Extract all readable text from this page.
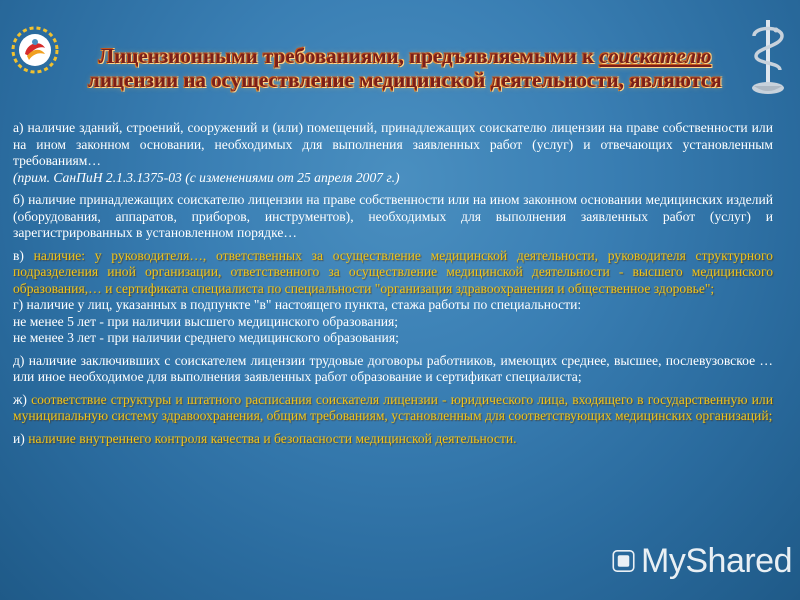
Лицензионными требованиями, предъявляемыми к соискателю
лицензии на осуществление медицинской деятельности, являются

а) наличие зданий, строений, сооружений и (или) помещений, принадлежащих соискателю лицензии на праве собственности или на ином законном основании, необходимых для выполнения заявленных работ (услуг) и отвечающих установленным требованиям…

(прим. СанПиН 2.1.3.1375-03 (с изменениями от 25 апреля 2007 г.)

б) наличие принадлежащих соискателю лицензии на праве собственности или на ином законном основании медицинских изделий (оборудования, аппаратов, приборов, инструментов), необходимых для выполнения заявленных работ (услуг) и зарегистрированных в установленном порядке…

в) наличие: у руководителя…, ответственных за осуществление медицинской деятельности, руководителя структурного подразделения иной организации, ответственного за осуществление медицинской деятельности - высшего медицинского образования,… и сертификата специалиста по специальности "организация здравоохранения и общественное здоровье";

г) наличие у лиц, указанных в подпункте "в" настоящего пункта, стажа работы по специальности:

не менее 5 лет - при наличии высшего медицинского образования;

не менее 3 лет - при наличии среднего медицинского образования;

д) наличие заключивших с соискателем лицензии трудовые договоры работников, имеющих среднее, высшее, послевузовское … или иное необходимое для выполнения заявленных работ образование и сертификат специалиста;

ж) соответствие структуры и штатного расписания соискателя лицензии - юридического лица, входящего в государственную или муниципальную систему здравоохранения, общим требованиям, установленным для соответствующих медицинских организаций;

и) наличие внутреннего контроля качества и безопасности медицинской деятельности.

MyShared
